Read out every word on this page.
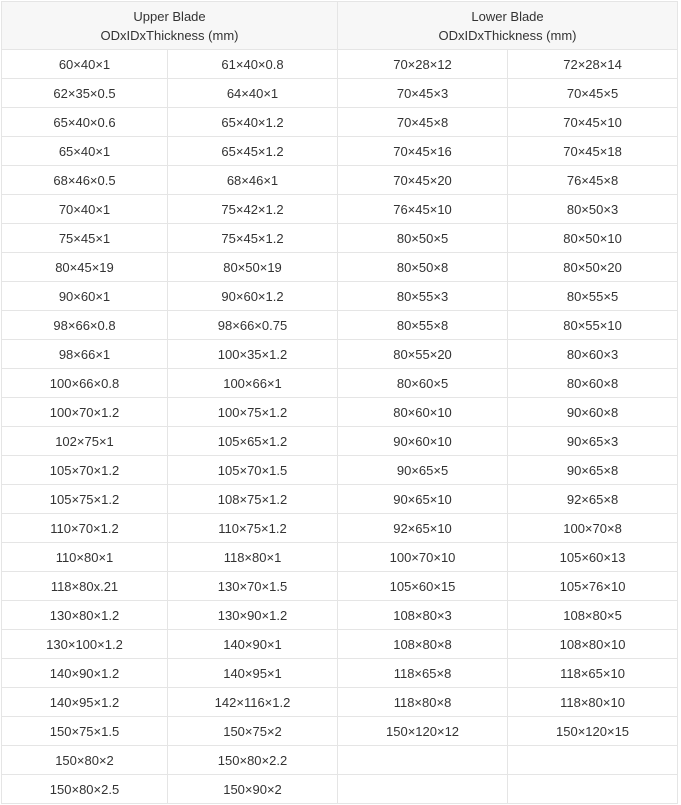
Upper Blade
ODxIDxThickness (mm)		Lower Blade
ODxIDxThickness (mm)	

60×40×1	61×40×0.8	70×28×12	72×28×14
62×35×0.5	64×40×1	70×45×3	70×45×5
65×40×0.6	65×40×1.2	70×45×8	70×45×10
65×40×1	65×45×1.2	70×45×16	70×45×18
68×46×0.5	68×46×1	70×45×20	76×45×8
70×40×1	75×42×1.2	76×45×10	80×50×3
75×45×1	75×45×1.2	80×50×5	80×50×10
80×45×19	80×50×19	80×50×8	80×50×20
90×60×1	90×60×1.2	80×55×3	80×55×5
98×66×0.8	98×66×0.75	80×55×8	80×55×10
98×66×1	100×35×1.2	80×55×20	80×60×3
100×66×0.8	100×66×1	80×60×5	80×60×8
100×70×1.2	100×75×1.2	80×60×10	90×60×8
102×75×1	105×65×1.2	90×60×10	90×65×3
105×70×1.2	105×70×1.5	90×65×5	90×65×8
105×75×1.2	108×75×1.2	90×65×10	92×65×8
110×70×1.2	110×75×1.2	92×65×10	100×70×8
110×80×1	118×80×1	100×70×10	105×60×13
118×80x.21	130×70×1.5	105×60×15	105×76×10
130×80×1.2	130×90×1.2	108×80×3	108×80×5
130×100×1.2	140×90×1	108×80×8	108×80×10
140×90×1.2	140×95×1	118×65×8	118×65×10
140×95×1.2	142×116×1.2	118×80×8	118×80×10
150×75×1.5	150×75×2	150×120×12	150×120×15
150×80×2	150×80×2.2		
150×80×2.5	150×90×2		
